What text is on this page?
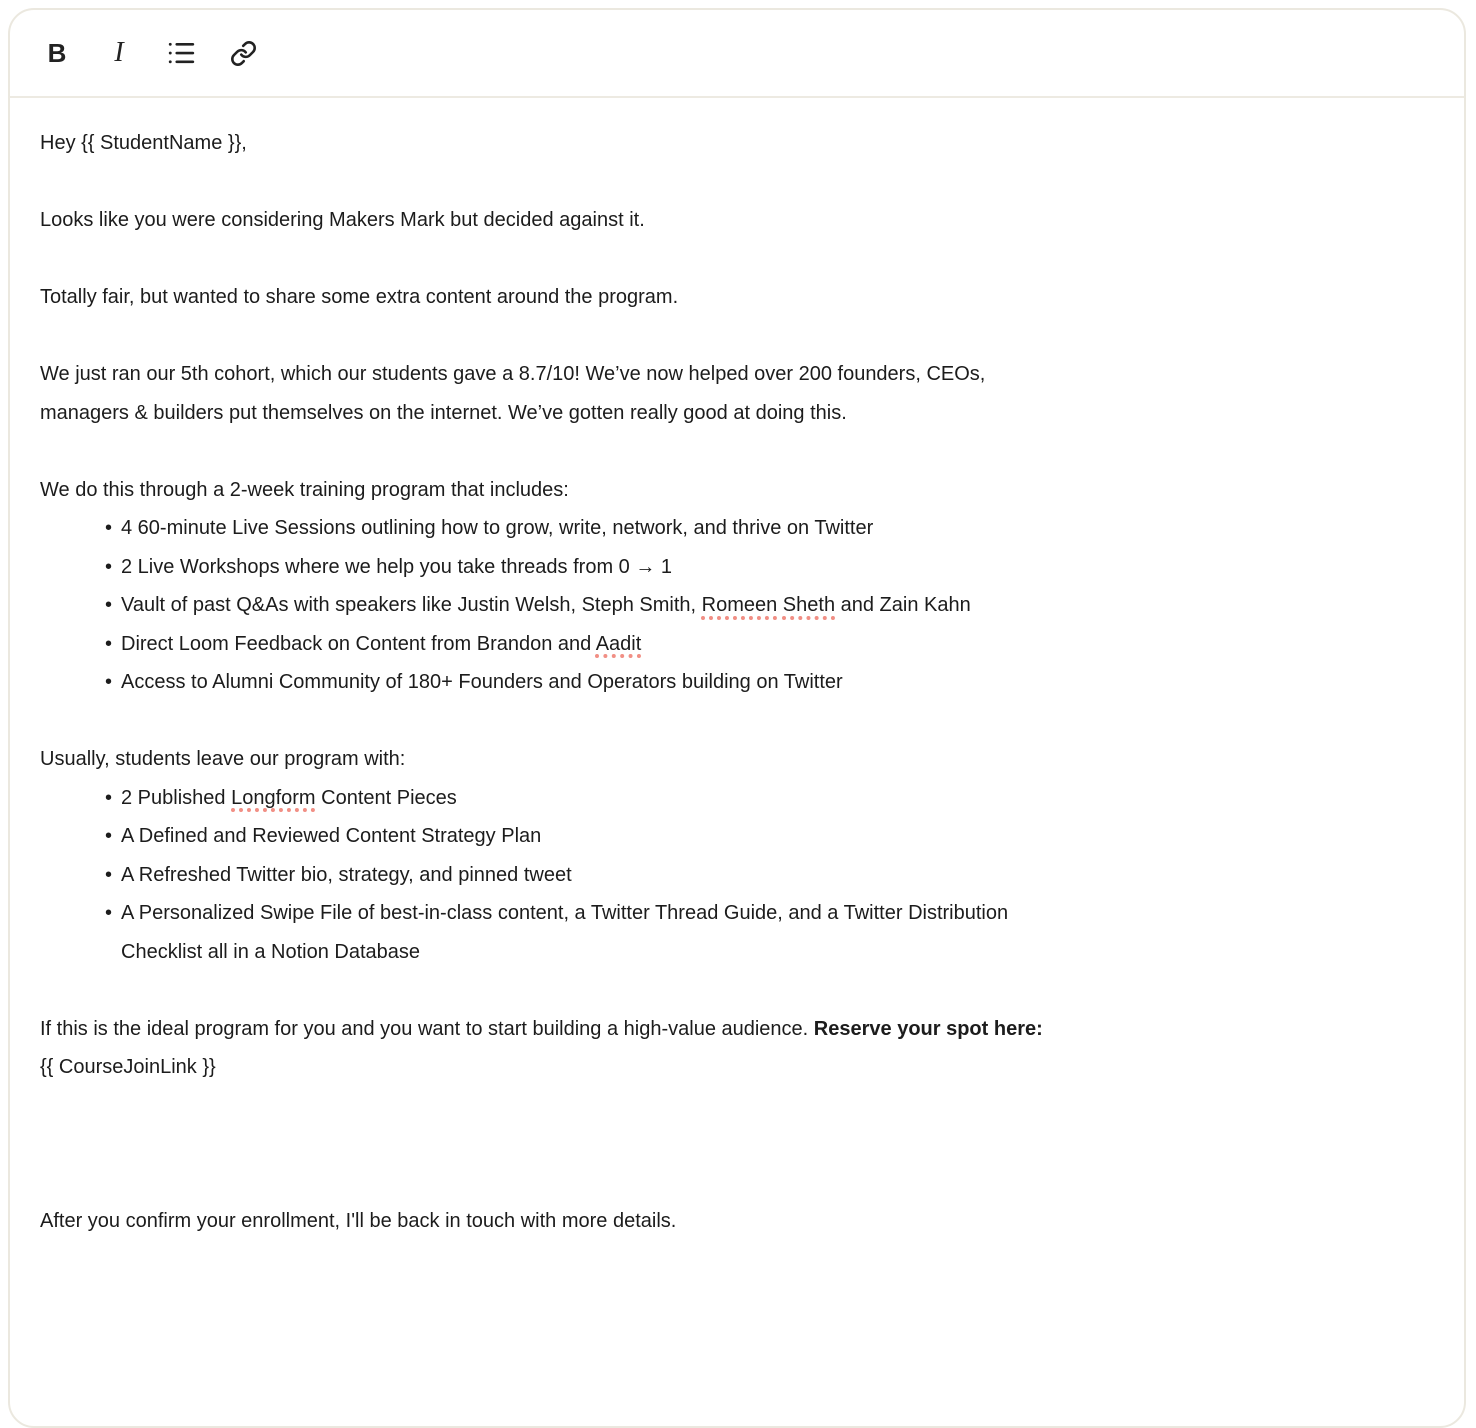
B I

Hey {{ StudentName }},

Looks like you were considering Makers Mark but decided against it.

Totally fair, but wanted to share some extra content around the program.

We just ran our 5th cohort, which our students gave a 8.7/10! We’ve now helped over 200 founders, CEOs,
managers & builders put themselves on the internet. We’ve gotten really good at doing this.

We do this through a 2-week training program that includes:

• 4 60-minute Live Sessions outlining how to grow, write, network, and thrive on Twitter
• 2 Live Workshops where we help you take threads from 0 → 1
• Vault of past Q&As with speakers like Justin Welsh, Steph Smith, Romeen Sheth and Zain Kahn
• Direct Loom Feedback on Content from Brandon and Aadit
• Access to Alumni Community of 180+ Founders and Operators building on Twitter

Usually, students leave our program with:

• 2 Published Longform Content Pieces
• A Defined and Reviewed Content Strategy Plan
• A Refreshed Twitter bio, strategy, and pinned tweet
• A Personalized Swipe File of best-in-class content, a Twitter Thread Guide, and a Twitter Distribution
Checklist all in a Notion Database

If this is the ideal program for you and you want to start building a high-value audience. Reserve your spot here:
{{ CourseJoinLink }}

After you confirm your enrollment, I'll be back in touch with more details.
